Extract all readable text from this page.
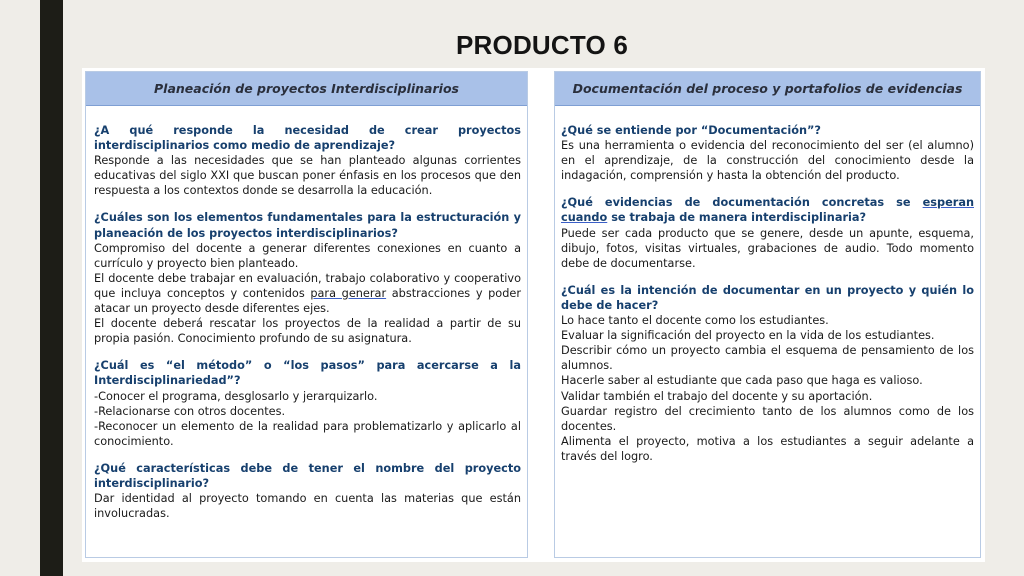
PRODUCTO 6
Planeación de proyectos Interdisciplinarios
¿A qué responde la necesidad de crear proyectos interdisciplinarios como medio de aprendizaje?
Responde a las necesidades que se han planteado algunas corrientes educativas del siglo XXI que buscan poner énfasis en los procesos que den respuesta a los contextos donde se desarrolla la educación.
¿Cuáles son los elementos fundamentales para la estructuración y planeación de los proyectos interdisciplinarios?

Compromiso del docente a generar diferentes conexiones en cuanto a currículo y proyecto bien planteado.

El docente debe trabajar en evaluación, trabajo colaborativo y cooperativo que incluya conceptos y contenidos para generar abstracciones y poder atacar un proyecto desde diferentes ejes.

El docente deberá rescatar los proyectos de la realidad a partir de su propia pasión. Conocimiento profundo de su asignatura.

¿Cuál es “el método” o “los pasos” para acercarse a la Interdisciplinariedad”?

-Conocer el programa, desglosarlo y jerarquizarlo.

-Relacionarse con otros docentes.

-Reconocer un elemento de la realidad para problematizarlo y aplicarlo al conocimiento.

¿Qué características debe de tener el nombre del proyecto interdisciplinario?
Dar identidad al proyecto tomando en cuenta las materias que están involucradas.
Documentación del proceso y portafolios de evidencias
¿Qué se entiende por “Documentación”?
Es una herramienta o evidencia del reconocimiento del ser (el alumno) en el aprendizaje, de la construcción del conocimiento desde la indagación, comprensión y hasta la obtención del producto.
¿Qué evidencias de documentación concretas se esperan cuando se trabaja de manera interdisciplinaria?
Puede ser cada producto que se genere, desde un apunte, esquema, dibujo, fotos, visitas virtuales, grabaciones de audio. Todo momento debe de documentarse.
¿Cuál es la intención de documentar en un proyecto y quién lo debe de hacer?

Lo hace tanto el docente como los estudiantes.

Evaluar la significación del proyecto en la vida de los estudiantes.

Describir cómo un proyecto cambia el esquema de pensamiento de los alumnos.

Hacerle saber al estudiante que cada paso que haga es valioso.

Validar también el trabajo del docente y su aportación.

Guardar registro del crecimiento tanto de los alumnos como de los docentes.

Alimenta el proyecto, motiva a los estudiantes a seguir adelante a través del logro.
